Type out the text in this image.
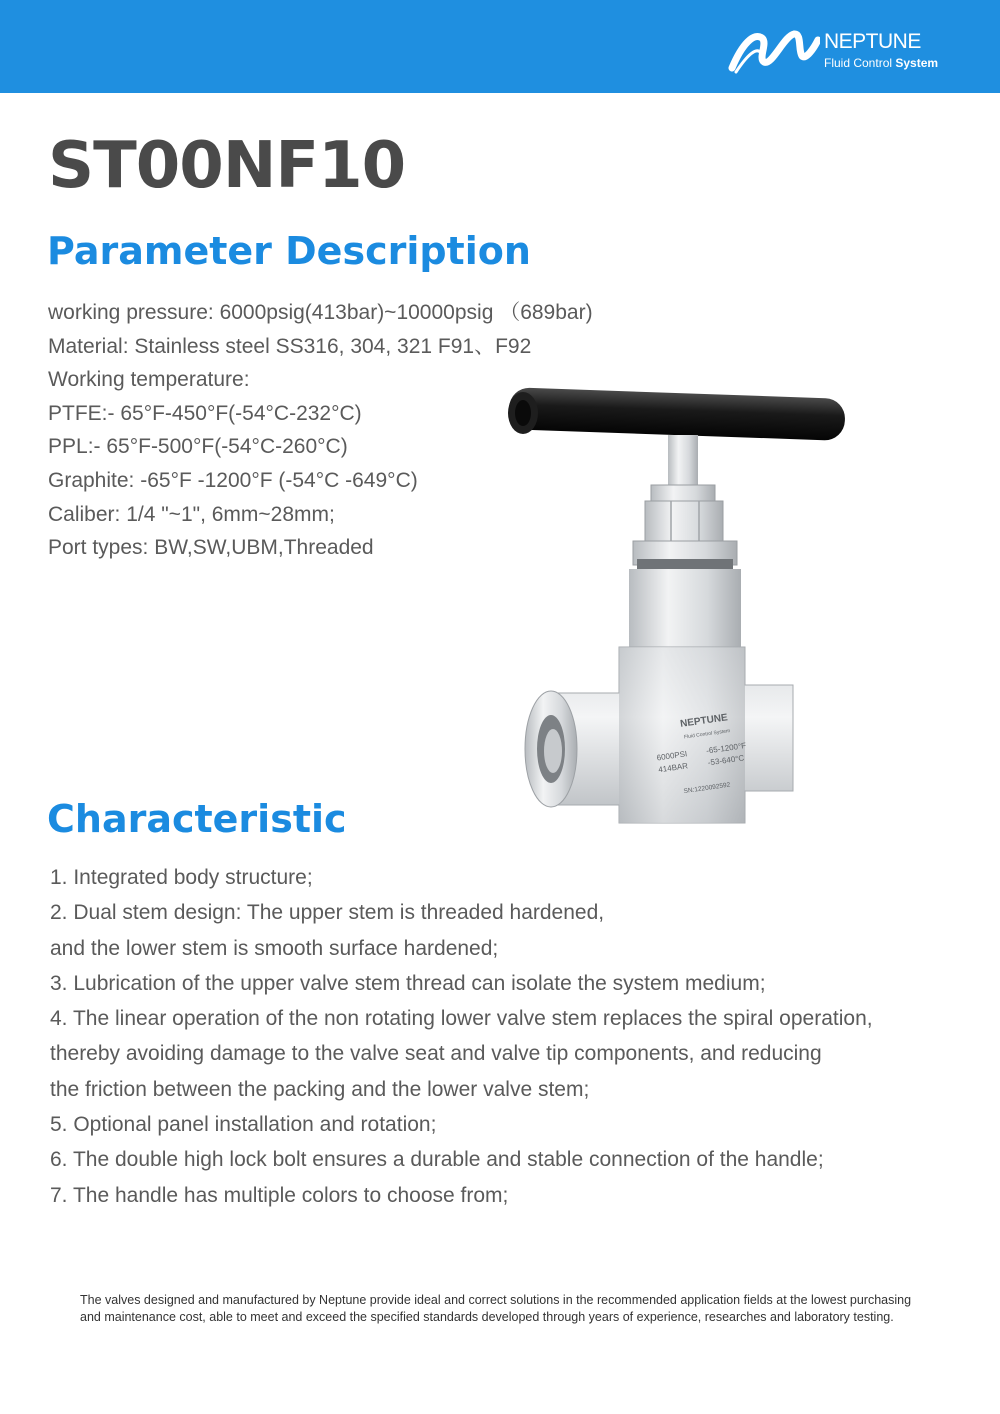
NEPTUNE
Fluid Control System
ST00NF10
Parameter Description
working pressure: 6000psig(413bar)~10000psig （689bar)
Material: Stainless steel SS316, 304, 321 F91、F92
Working temperature:
PTFE:- 65°F-450°F(-54°C-232°C)
PPL:- 65°F-500°F(-54°C-260°C)
Graphite: -65°F -1200°F (-54°C -649°C)
Caliber: 1/4 "~1", 6mm~28mm;
Port types: BW,SW,UBM,Threaded
NEPTUNE
Fluid Control System
6000PSI
-65-1200°F
414BAR
-53-640°C
SN:1220092592
Characteristic
1. Integrated body structure;
2. Dual stem design: The upper stem is threaded hardened,
and the lower stem is smooth surface hardened;
3. Lubrication of the upper valve stem thread can isolate the system medium;
4. The linear operation of the non rotating lower valve stem replaces the spiral operation,
thereby avoiding damage to the valve seat and valve tip components, and reducing
the friction between the packing and the lower valve stem;
5. Optional panel installation and rotation;
6. The double high lock bolt ensures a durable and stable connection of the handle;
7. The handle has multiple colors to choose from;

The valves designed and manufactured by Neptune provide ideal and correct solutions in the recommended application fields at the lowest purchasing and maintenance cost, able to meet and exceed the specified standards developed through years of experience, researches and laboratory testing.
